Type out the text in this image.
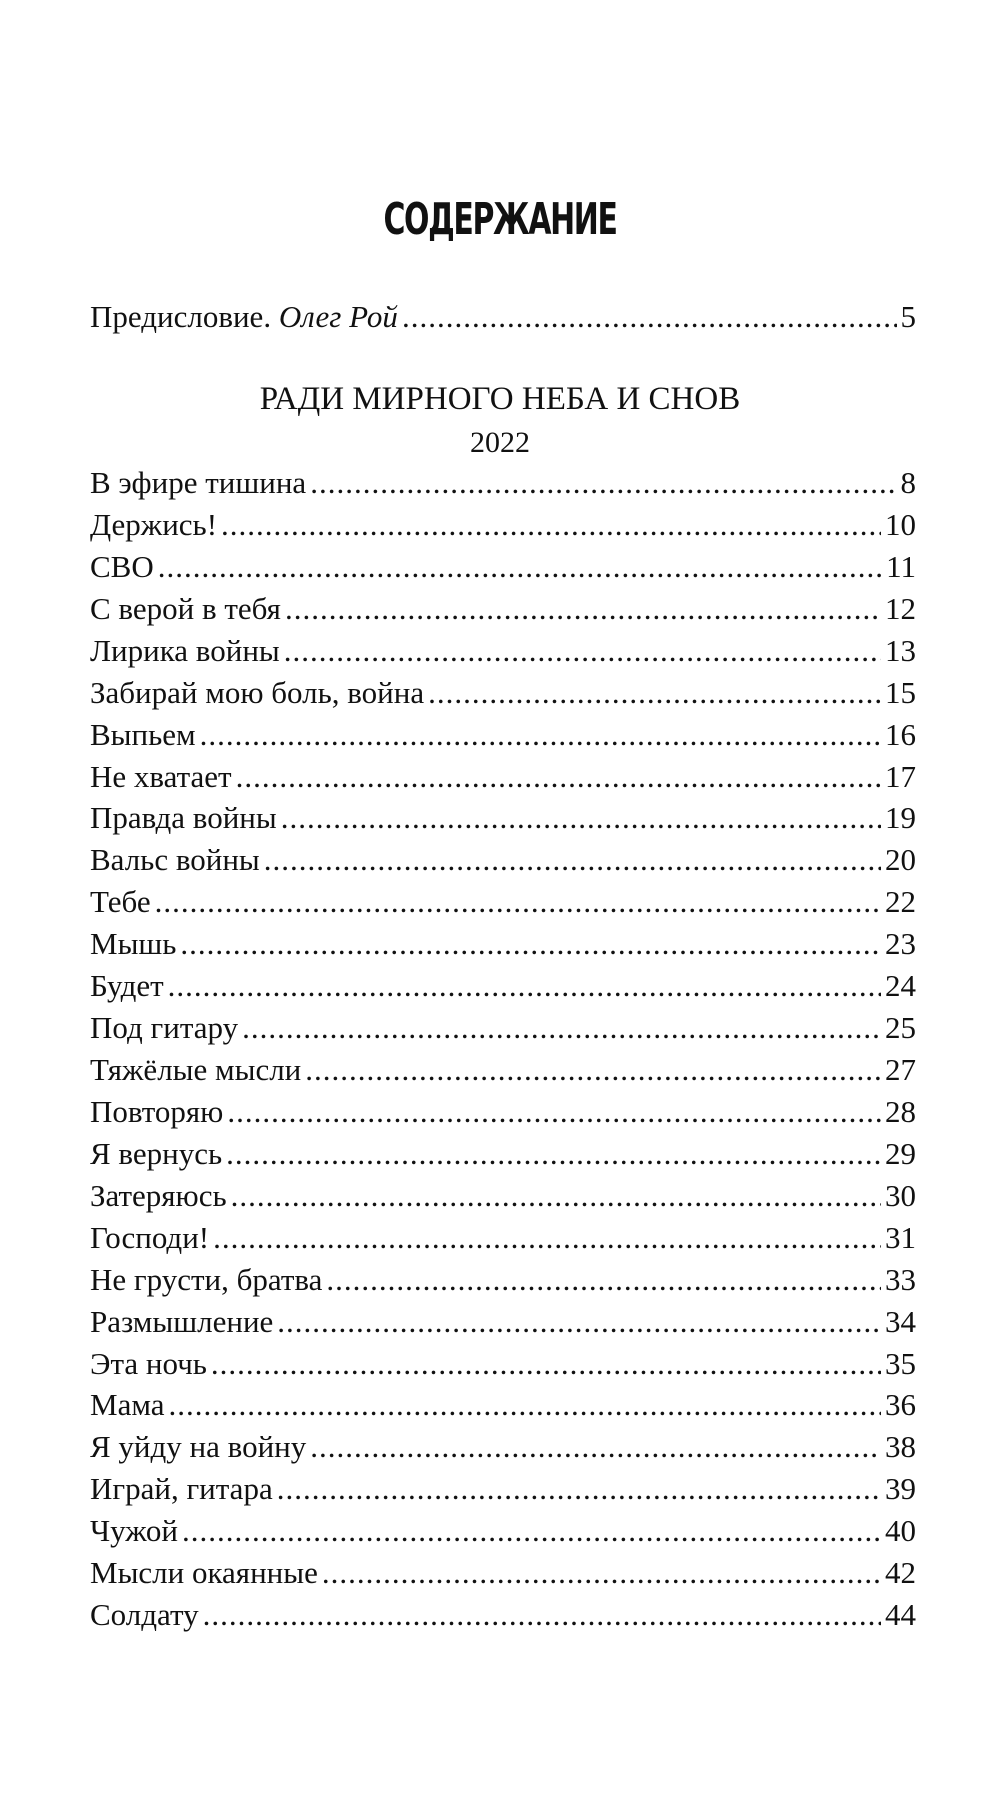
СОДЕРЖАНИЕ
Предисловие. Олег Рой .....	5
РАДИ МИРНОГО НЕБА И СНОВ
2022
В эфире тишина .....	8
Держись! .....	10
СВО .....	11
С верой в тебя .....	12
Лирика войны .....	13
Забирай мою боль, война .....	15
Выпьем .....	16
Не хватает .....	17
Правда войны .....	19
Вальс войны .....	20
Тебе .....	22
Мышь .....	23
Будет .....	24
Под гитару .....	25
Тяжёлые мысли .....	27
Повторяю .....	28
Я вернусь .....	29
Затеряюсь .....	30
Господи! .....	31
Не грусти, братва .....	33
Размышление .....	34
Эта ночь .....	35
Мама .....	36
Я уйду на войну .....	38
Играй, гитара .....	39
Чужой .....	40
Мысли окаянные .....	42
Солдату .....	44
